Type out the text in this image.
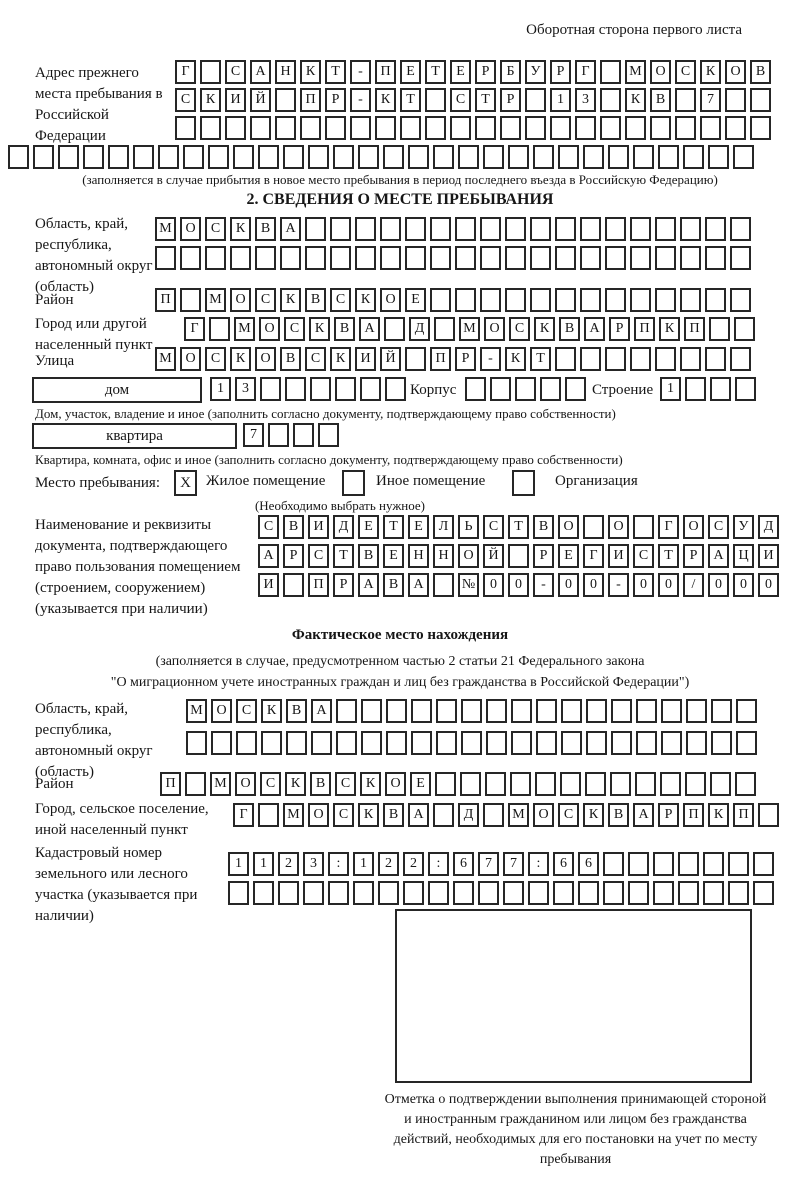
Оборотная сторона первого листа
Адрес прежнего места пребывания в Российской Федерации
Г	С	А	Н	К	Т	-	П	Е	Т	Е	Р	Б	У	Р	Г	М О	С	К	О	В
С	К	И	Й	П	Р	-	К	Т	С	Т	Р	1	3	К	В	7
(заполняется в случае прибытия в новое место пребывания в период последнего въезда в Российскую Федерацию)
2. СВЕДЕНИЯ О МЕСТЕ ПРЕБЫВАНИЯ
Область, край, республика, автономный округ (область)
М О	С	К	В	А
Район	П	М О	С	К	В	С	К	О	Е
Город или другой населенный пункт
Г	М О	С	К	В	А	Д	М О	С	К	В	А	Р	П	К	П
Улица	М О	С	К	О	В	С	К	И	Й	П	Р	-	К	Т
дом	1	3	Корпус	Строение 1
Дом, участок, владение и иное (заполнить согласно документу, подтверждающему право собственности)
квартира	7
Квартира, комната, офис и иное (заполнить согласно документу, подтверждающему право собственности)
Место пребывания:	X	Жилое помещение	Иное помещение	Организация
(Необходимо выбрать нужное)
Наименование и реквизиты документа, подтверждающего право пользования помещением (строением, сооружением) (указывается при наличии)
С	В	И	Д	Е	Т	Е	Л	Ь	С	Т	В	О	О	Г	О	С	У	Д
А	Р	С	Т	В	Е	Н	Н	О	Й	Р	Е	Г	И	С	Т	Р	А	Ц	И
И	П	Р	А	В	А	№	0	0	-	0	0	-	0	0	/	0	0	0
Фактическое место нахождения
(заполняется в случае, предусмотренном частью 2 статьи 21 Федерального закона
"О миграционном учете иностранных граждан и лиц без гражданства в Российской Федерации")
Область, край, республика, автономный округ (область)
М О	С	К	В	А
Район	П	М О	С	К	В	С	К	О	Е
Город, сельское поселение, иной населенный пункт
Г	М О	С	К	В	А	Д	М О	С	К	В	А	Р	П	К	П
Кадастровый номер земельного или лесного участка (указывается при наличии)
1	1	2	3	:	1	2	2	:	6	7	7	:	6	6
Отметка о подтверждении выполнения принимающей стороной и иностранным гражданином или лицом без гражданства действий, необходимых для его постановки на учет по месту пребывания
